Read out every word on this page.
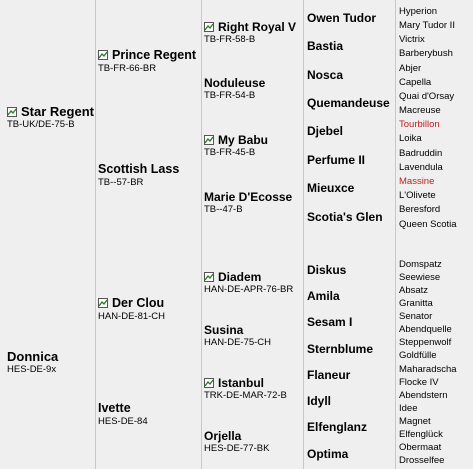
Donnica
HES-DE-9x
Star Regent
TB-UK/DE-75-B
Ivette
HES-DE-84
Prince Regent
TB-FR-66-BR
Scottish Lass
TB--57-BR
Der Clou
HAN-DE-81-CH
Right Royal V
TB-FR-58-B
Noduleuse
TB-FR-54-B
My Babu
TB-FR-45-B
Marie D'Ecosse
TB--47-B
Diadem
HAN-DE-APR-76-BR
Susina
HAN-DE-75-CH
Istanbul
TRK-DE-MAR-72-B
Orjella
HES-DE-77-BK
Owen Tudor
Bastia
Nosca
Quemandeuse
Djebel
Perfume II
Mieuxce
Scotia's Glen
Diskus
Amila
Sesam I
Sternblume
Flaneur
Idyll
Elfenglanz
Optima
Hyperion
Mary Tudor II
Victrix
Barberybush
Abjer
Capella
Quai d'Orsay
Macreuse
Tourbillon
Loika
Badruddin
Lavendula
Massine
L'Olivete
Beresford
Queen Scotia
Domspatz
Seewiese
Absatz
Granitta
Senator
Abendquelle
Steppenwolf
Goldfülle
Maharadscha
Flocke IV
Abendstern
Idee
Magnet
Elfenglück
Obermaat
Drosselfee
